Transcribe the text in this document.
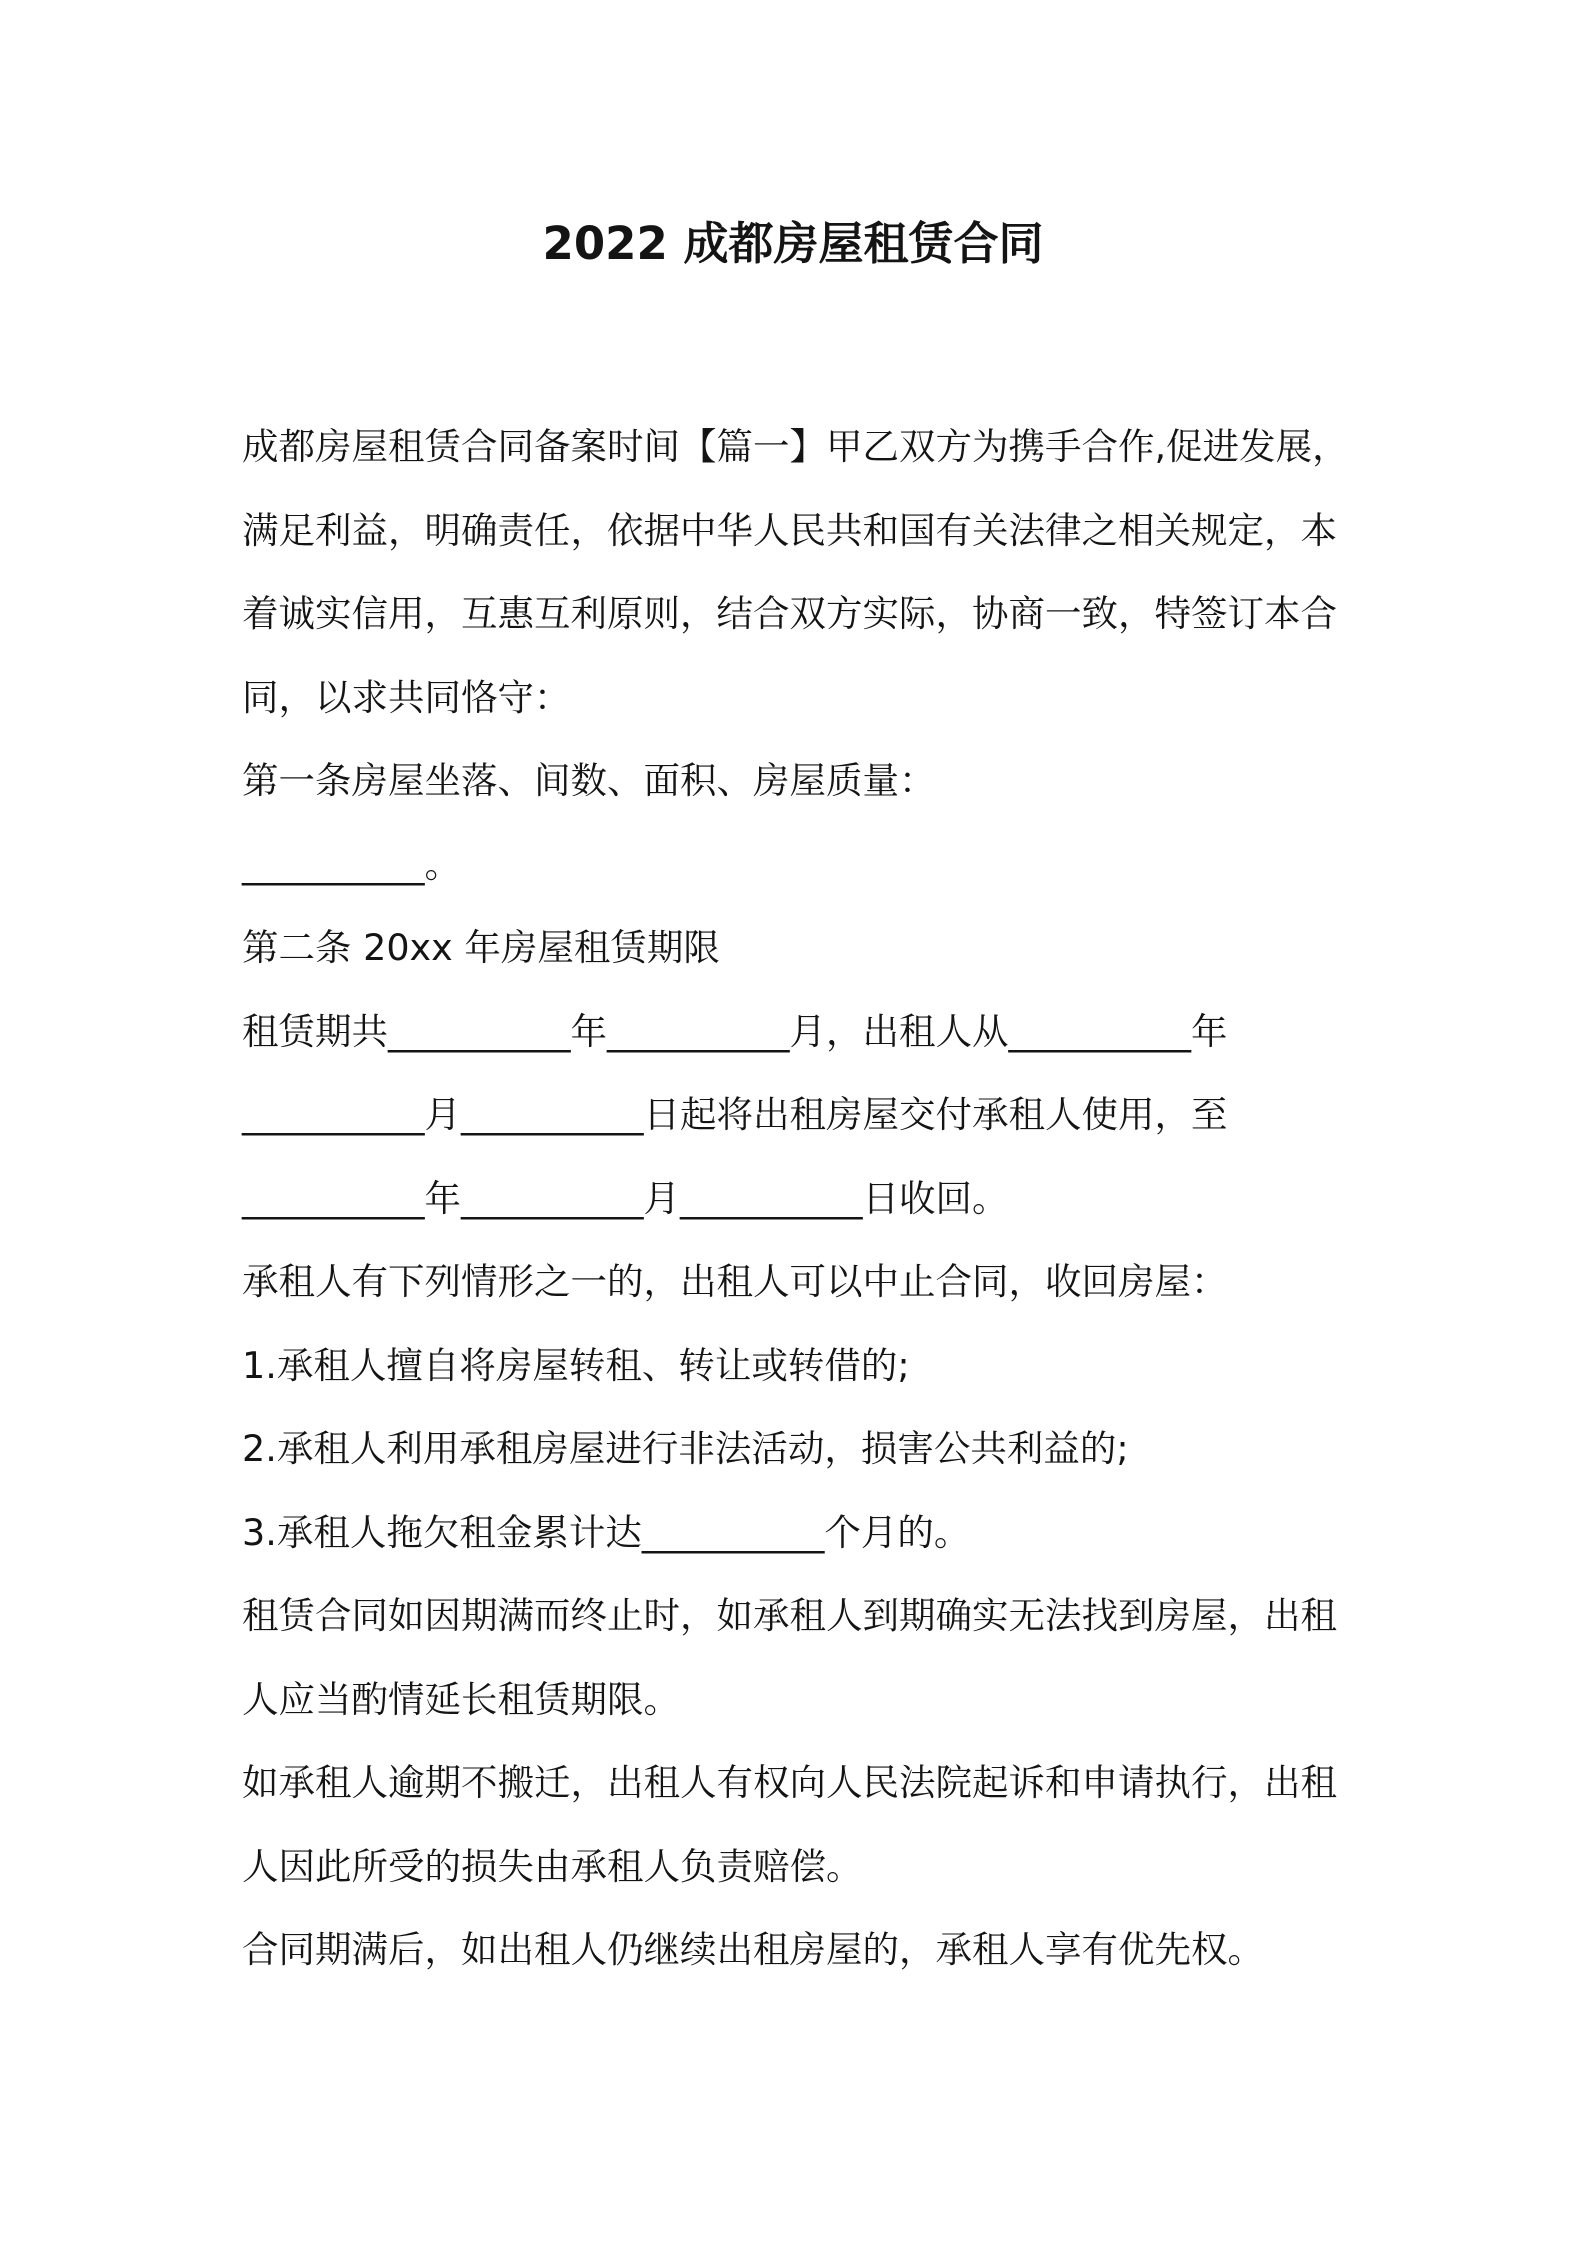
2022 成都房屋租赁合同

成都房屋租赁合同备案时间【篇一】甲乙双方为携手合作,促进发展，

满足利益，明确责任，依据中华人民共和国有关法律之相关规定，本

着诚实信用，互惠互利原则，结合双方实际，协商一致，特签订本合

同，以求共同恪守：

第一条房屋坐落、间数、面积、房屋质量：

__________。

第二条 20xx 年房屋租赁期限

租赁期共__________年__________月，出租人从__________年

__________月__________日起将出租房屋交付承租人使用，至

__________年__________月__________日收回。

承租人有下列情形之一的，出租人可以中止合同，收回房屋：

1.承租人擅自将房屋转租、转让或转借的;

2.承租人利用承租房屋进行非法活动，损害公共利益的;

3.承租人拖欠租金累计达__________个月的。

租赁合同如因期满而终止时，如承租人到期确实无法找到房屋，出租

人应当酌情延长租赁期限。

如承租人逾期不搬迁，出租人有权向人民法院起诉和申请执行，出租

人因此所受的损失由承租人负责赔偿。

合同期满后，如出租人仍继续出租房屋的，承租人享有优先权。
